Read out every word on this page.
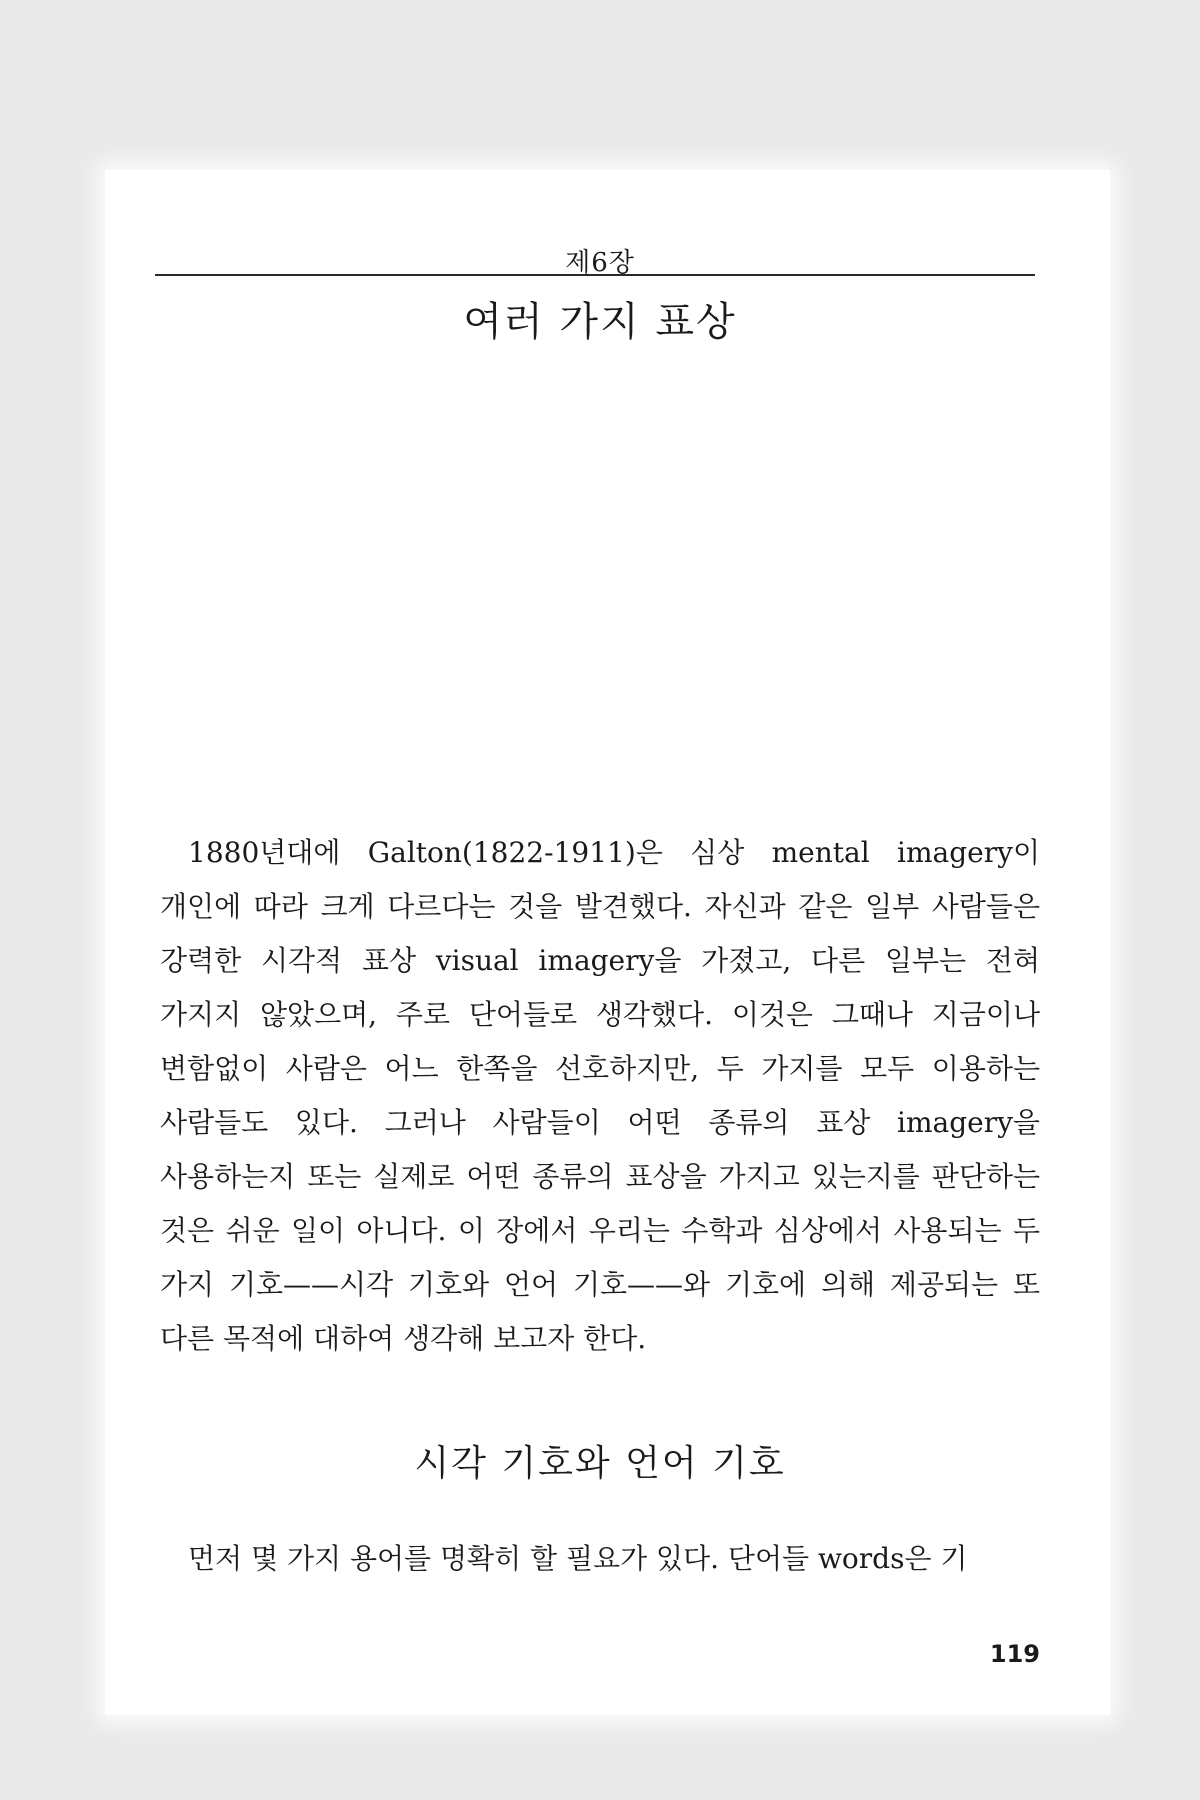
제6장
여러 가지 표상

1880년대에 Galton(1822-1911)은 심상 mental imagery이 개인에 따라 크게 다르다는 것을 발견했다. 자신과 같은 일부 사람들은 강력한 시각적 표상 visual imagery을 가졌고, 다른 일부는 전혀 가지지 않았으며, 주로 단어들로 생각했다. 이것은 그때나 지금이나 변함없이 사람은 어느 한쪽을 선호하지만, 두 가지를 모두 이용하는 사람들도 있다. 그러나 사람들이 어떤 종류의 표상 imagery을 사용하는지 또는 실제로 어떤 종류의 표상을 가지고 있는지를 판단하는 것은 쉬운 일이 아니다. 이 장에서 우리는 수학과 심상에서 사용되는 두 가지 기호——시각 기호와 언어 기호——와 기호에 의해 제공되는 또 다른 목적에 대하여 생각해 보고자 한다.

시각 기호와 언어 기호

먼저 몇 가지 용어를 명확히 할 필요가 있다. 단어들 words은 기

119
